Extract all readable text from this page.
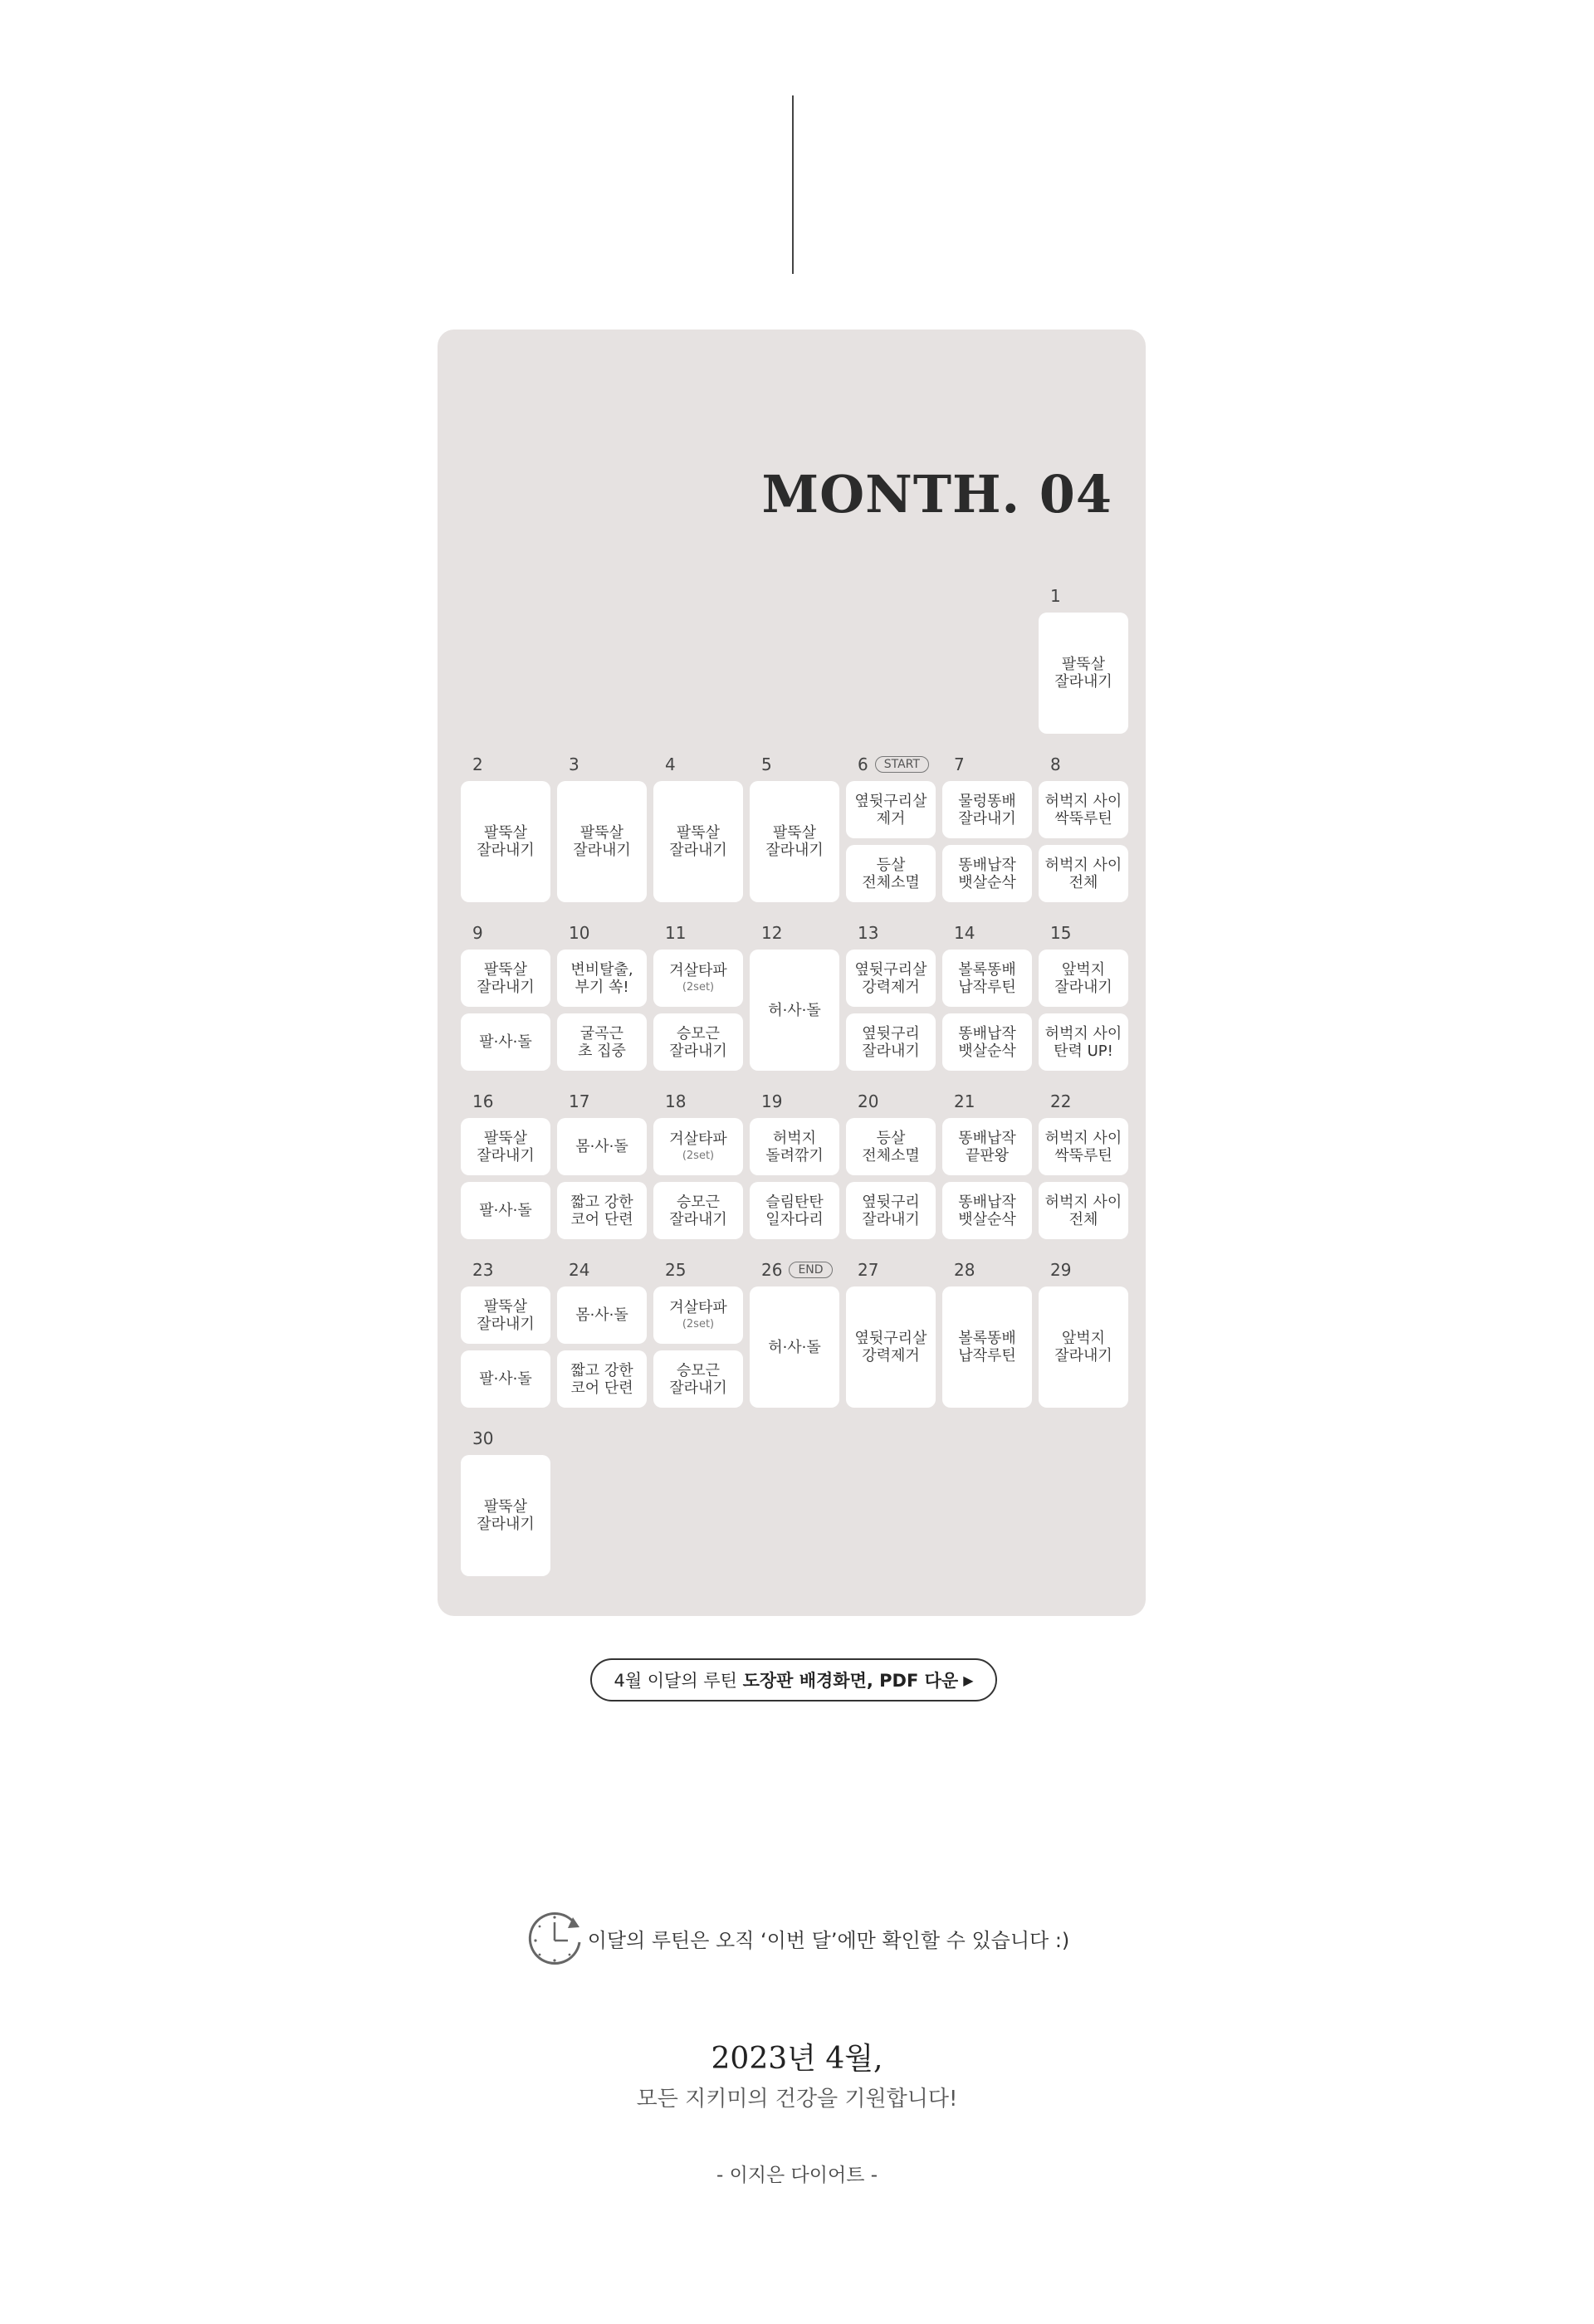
MONTH. 04
1
팔뚝살
잘라내기
2
팔뚝살
잘라내기
3
팔뚝살
잘라내기
4
팔뚝살
잘라내기
5
팔뚝살
잘라내기
6	START
옆뒷구리살
제거
등살
전체소멸
7
물렁똥배
잘라내기
똥배납작
뱃살순삭
8
허벅지 사이
싹뚝루틴
허벅지 사이
전체
9
팔뚝살
잘라내기
팔·사·돌
10
변비탈출,
부기 쏙!
굴곡근
초 집중
11
겨살타파
(2set)
승모근
잘라내기
12
허·사·돌
13
옆뒷구리살
강력제거
옆뒷구리
잘라내기
14
볼록똥배
납작루틴
똥배납작
뱃살순삭
15
앞벅지
잘라내기
허벅지 사이
탄력 UP!
16
팔뚝살
잘라내기
팔·사·돌
17
몸·사·돌
짧고 강한
코어 단련
18
겨살타파
(2set)
승모근
잘라내기
19
허벅지
돌려깎기
슬림탄탄
일자다리
20
등살
전체소멸
옆뒷구리
잘라내기
21
똥배납작
끝판왕
똥배납작
뱃살순삭
22
허벅지 사이
싹뚝루틴
허벅지 사이
전체
23
팔뚝살
잘라내기
팔·사·돌
24
몸·사·돌
짧고 강한
코어 단련
25
겨살타파
(2set)
승모근
잘라내기
26	END
허·사·돌
27
옆뒷구리살
강력제거
28
볼록똥배
납작루틴
29
앞벅지
잘라내기
30
팔뚝살
잘라내기
4월 이달의 루틴 도장판 배경화면, PDF 다운 ▶
이달의 루틴은 오직 ‘이번 달’에만 확인할 수 있습니다 :)
2023년 4월,
모든 지키미의 건강을 기원합니다!
- 이지은 다이어트 -
